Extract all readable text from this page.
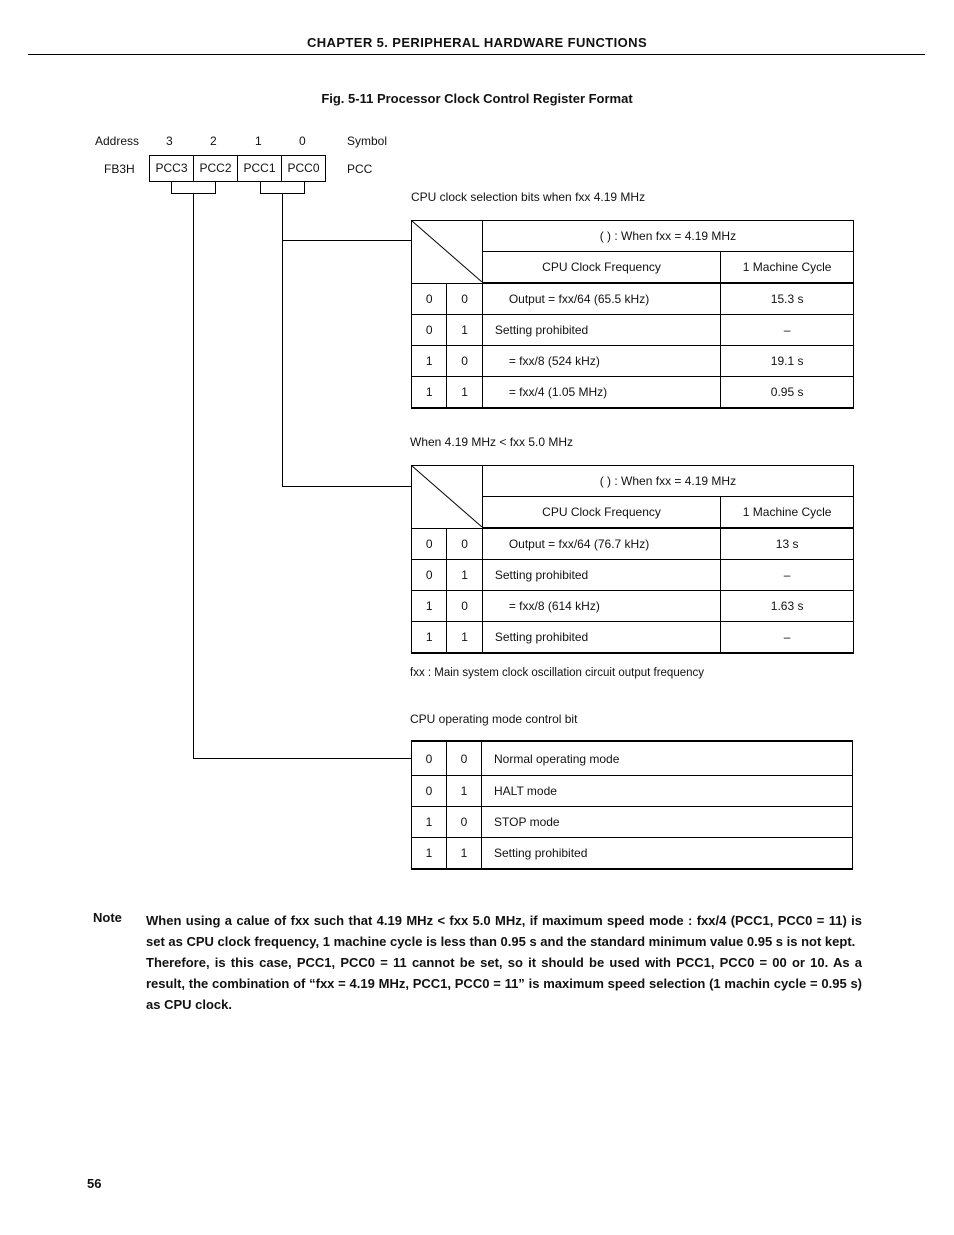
CHAPTER 5. PERIPHERAL HARDWARE FUNCTIONS
Fig. 5-11 Processor Clock Control Register Format
Address 3	2	1	0	Symbol
FB3H	PCC3 PCC2 PCC1 PCC0	PCC
CPU clock selection bits when fxx 4.19 MHz
	( ) : When fxx = 4.19 MHz	
		CPU Clock Frequency	1 Machine Cycle
0	0	Output = fxx/64 (65.5 kHz)	15.3 s
0	1	Setting prohibited	–
1	0	= fxx/8 (524 kHz)	19.1 s
1	1	= fxx/4 (1.05 MHz)	0.95 s
When 4.19 MHz < fxx 5.0 MHz
	( ) : When fxx = 4.19 MHz	
		CPU Clock Frequency	1 Machine Cycle
0	0	Output = fxx/64 (76.7 kHz)	13 s
0	1	Setting prohibited	–
1	0	= fxx/8 (614 kHz)	1.63 s
1	1	Setting prohibited	–
fxx : Main system clock oscillation circuit output frequency
CPU operating mode control bit
0	0	Normal operating mode
0	1	HALT mode
1	0	STOP mode
1	1	Setting prohibited
Note When using a calue of fxx such that 4.19 MHz < fxx 5.0 MHz, if maximum speed mode : fxx/4 (PCC1, PCC0 = 11) is set as CPU clock frequency, 1 machine cycle is less than 0.95 s and the standard minimum value 0.95 s is not kept.
Therefore, is this case, PCC1, PCC0 = 11 cannot be set, so it should be used with PCC1, PCC0 = 00 or 10. As a result, the combination of “fxx = 4.19 MHz, PCC1, PCC0 = 11” is maximum speed selection (1 machin cycle = 0.95 s) as CPU clock.
56
